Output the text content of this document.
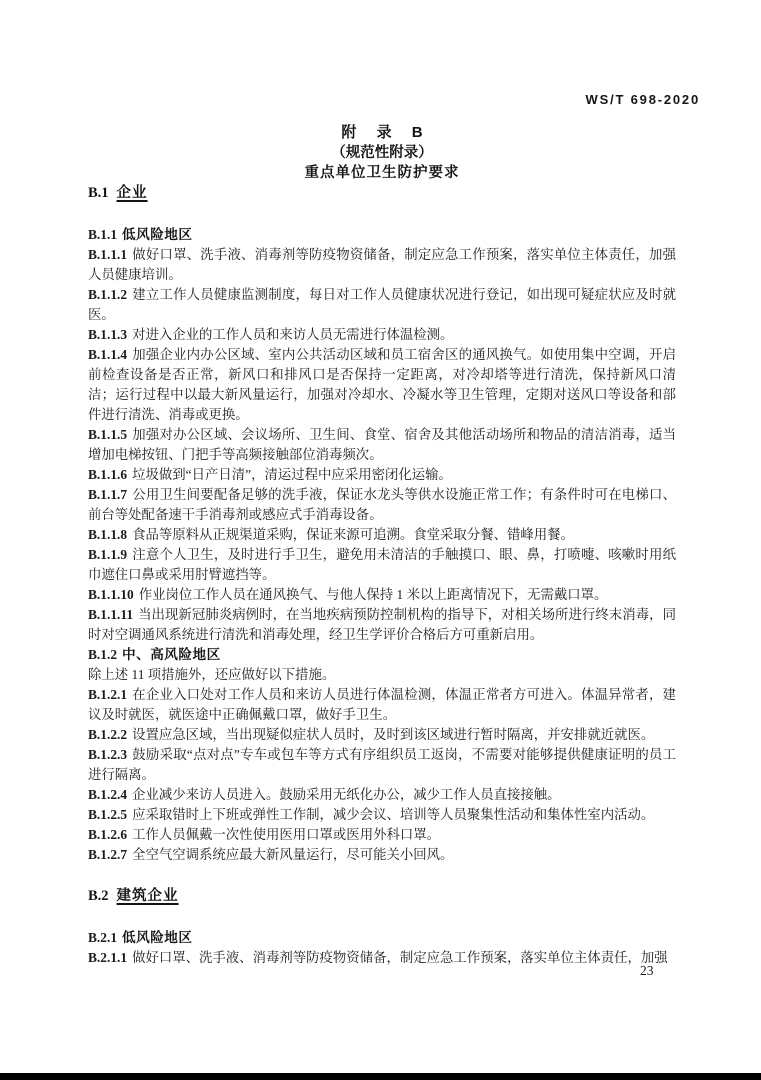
WS/T 698-2020
附 录 B
（规范性附录）
重点单位卫生防护要求
B.1 企业
B.1.1 低风险地区

B.1.1.1 做好口罩、洗手液、消毒剂等防疫物资储备，制定应急工作预案，落实单位主体责任，加强人员健康培训。

B.1.1.2 建立工作人员健康监测制度，每日对工作人员健康状况进行登记，如出现可疑症状应及时就医。

B.1.1.3 对进入企业的工作人员和来访人员无需进行体温检测。

B.1.1.4 加强企业内办公区域、室内公共活动区域和员工宿舍区的通风换气。如使用集中空调，开启前检查设备是否正常，新风口和排风口是否保持一定距离，对冷却塔等进行清洗，保持新风口清洁；运行过程中以最大新风量运行，加强对冷却水、冷凝水等卫生管理，定期对送风口等设备和部件进行清洗、消毒或更换。

B.1.1.5 加强对办公区域、会议场所、卫生间、食堂、宿舍及其他活动场所和物品的清洁消毒，适当增加电梯按钮、门把手等高频接触部位消毒频次。

B.1.1.6 垃圾做到“日产日清”，清运过程中应采用密闭化运输。

B.1.1.7 公用卫生间要配备足够的洗手液，保证水龙头等供水设施正常工作；有条件时可在电梯口、前台等处配备速干手消毒剂或感应式手消毒设备。

B.1.1.8 食品等原料从正规渠道采购，保证来源可追溯。食堂采取分餐、错峰用餐。

B.1.1.9 注意个人卫生，及时进行手卫生，避免用未清洁的手触摸口、眼、鼻，打喷嚏、咳嗽时用纸巾遮住口鼻或采用肘臂遮挡等。

B.1.1.10 作业岗位工作人员在通风换气、与他人保持 1 米以上距离情况下，无需戴口罩。

B.1.1.11 当出现新冠肺炎病例时，在当地疾病预防控制机构的指导下，对相关场所进行终末消毒，同时对空调通风系统进行清洗和消毒处理，经卫生学评价合格后方可重新启用。

B.1.2 中、高风险地区

除上述 11 项措施外，还应做好以下措施。

B.1.2.1 在企业入口处对工作人员和来访人员进行体温检测，体温正常者方可进入。体温异常者，建议及时就医，就医途中正确佩戴口罩，做好手卫生。

B.1.2.2 设置应急区域，当出现疑似症状人员时，及时到该区域进行暂时隔离，并安排就近就医。

B.1.2.3 鼓励采取“点对点”专车或包车等方式有序组织员工返岗，不需要对能够提供健康证明的员工进行隔离。

B.1.2.4 企业减少来访人员进入。鼓励采用无纸化办公，减少工作人员直接接触。

B.1.2.5 应采取错时上下班或弹性工作制，减少会议、培训等人员聚集性活动和集体性室内活动。

B.1.2.6 工作人员佩戴一次性使用医用口罩或医用外科口罩。

B.1.2.7 全空气空调系统应最大新风量运行，尽可能关小回风。

B.2 建筑企业
B.2.1 低风险地区

B.2.1.1 做好口罩、洗手液、消毒剂等防疫物资储备，制定应急工作预案，落实单位主体责任，加强

23
